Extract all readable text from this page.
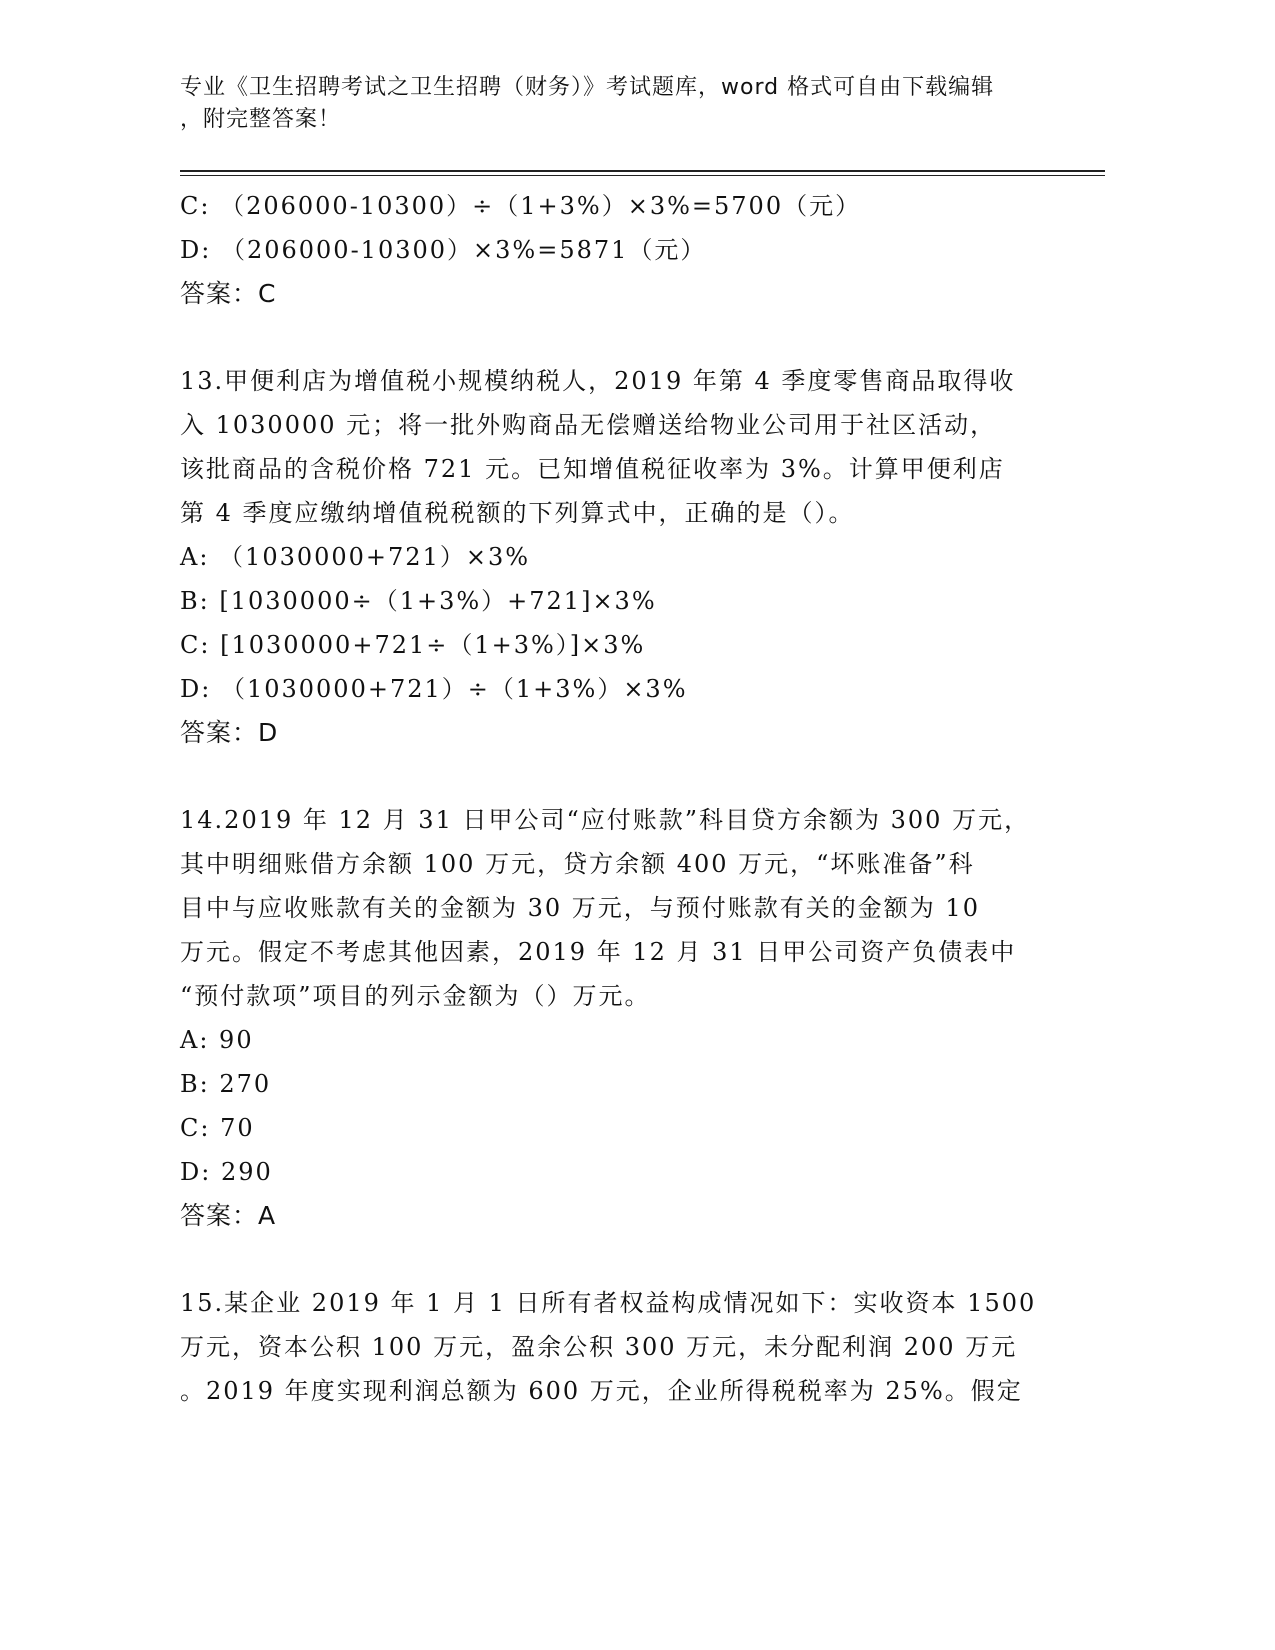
专业《卫生招聘考试之卫生招聘（财务）》考试题库，word 格式可自由下载编辑
，附完整答案！
C: （206000-10300）÷（1+3%）×3%=5700（元）
D: （206000-10300）×3%=5871（元）
答案：C
13.甲便利店为增值税小规模纳税人，2019 年第 4 季度零售商品取得收
入 1030000 元；将一批外购商品无偿赠送给物业公司用于社区活动，
该批商品的含税价格 721 元。已知增值税征收率为 3%。计算甲便利店
第 4 季度应缴纳增值税税额的下列算式中，正确的是（）。
A: （1030000+721）×3%
B: [1030000÷（1+3%）+721]×3%
C: [1030000+721÷（1+3%）]×3%
D: （1030000+721）÷（1+3%）×3%
答案：D
14.2019 年 12 月 31 日甲公司“应付账款”科目贷方余额为 300 万元，
其中明细账借方余额 100 万元，贷方余额 400 万元，“坏账准备”科
目中与应收账款有关的金额为 30 万元，与预付账款有关的金额为 10
万元。假定不考虑其他因素，2019 年 12 月 31 日甲公司资产负债表中
“预付款项”项目的列示金额为（）万元。
A: 90
B: 270
C: 70
D: 290
答案：A
15.某企业 2019 年 1 月 1 日所有者权益构成情况如下：实收资本 1500
万元，资本公积 100 万元，盈余公积 300 万元，未分配利润 200 万元
。2019 年度实现利润总额为 600 万元，企业所得税税率为 25%。假定
